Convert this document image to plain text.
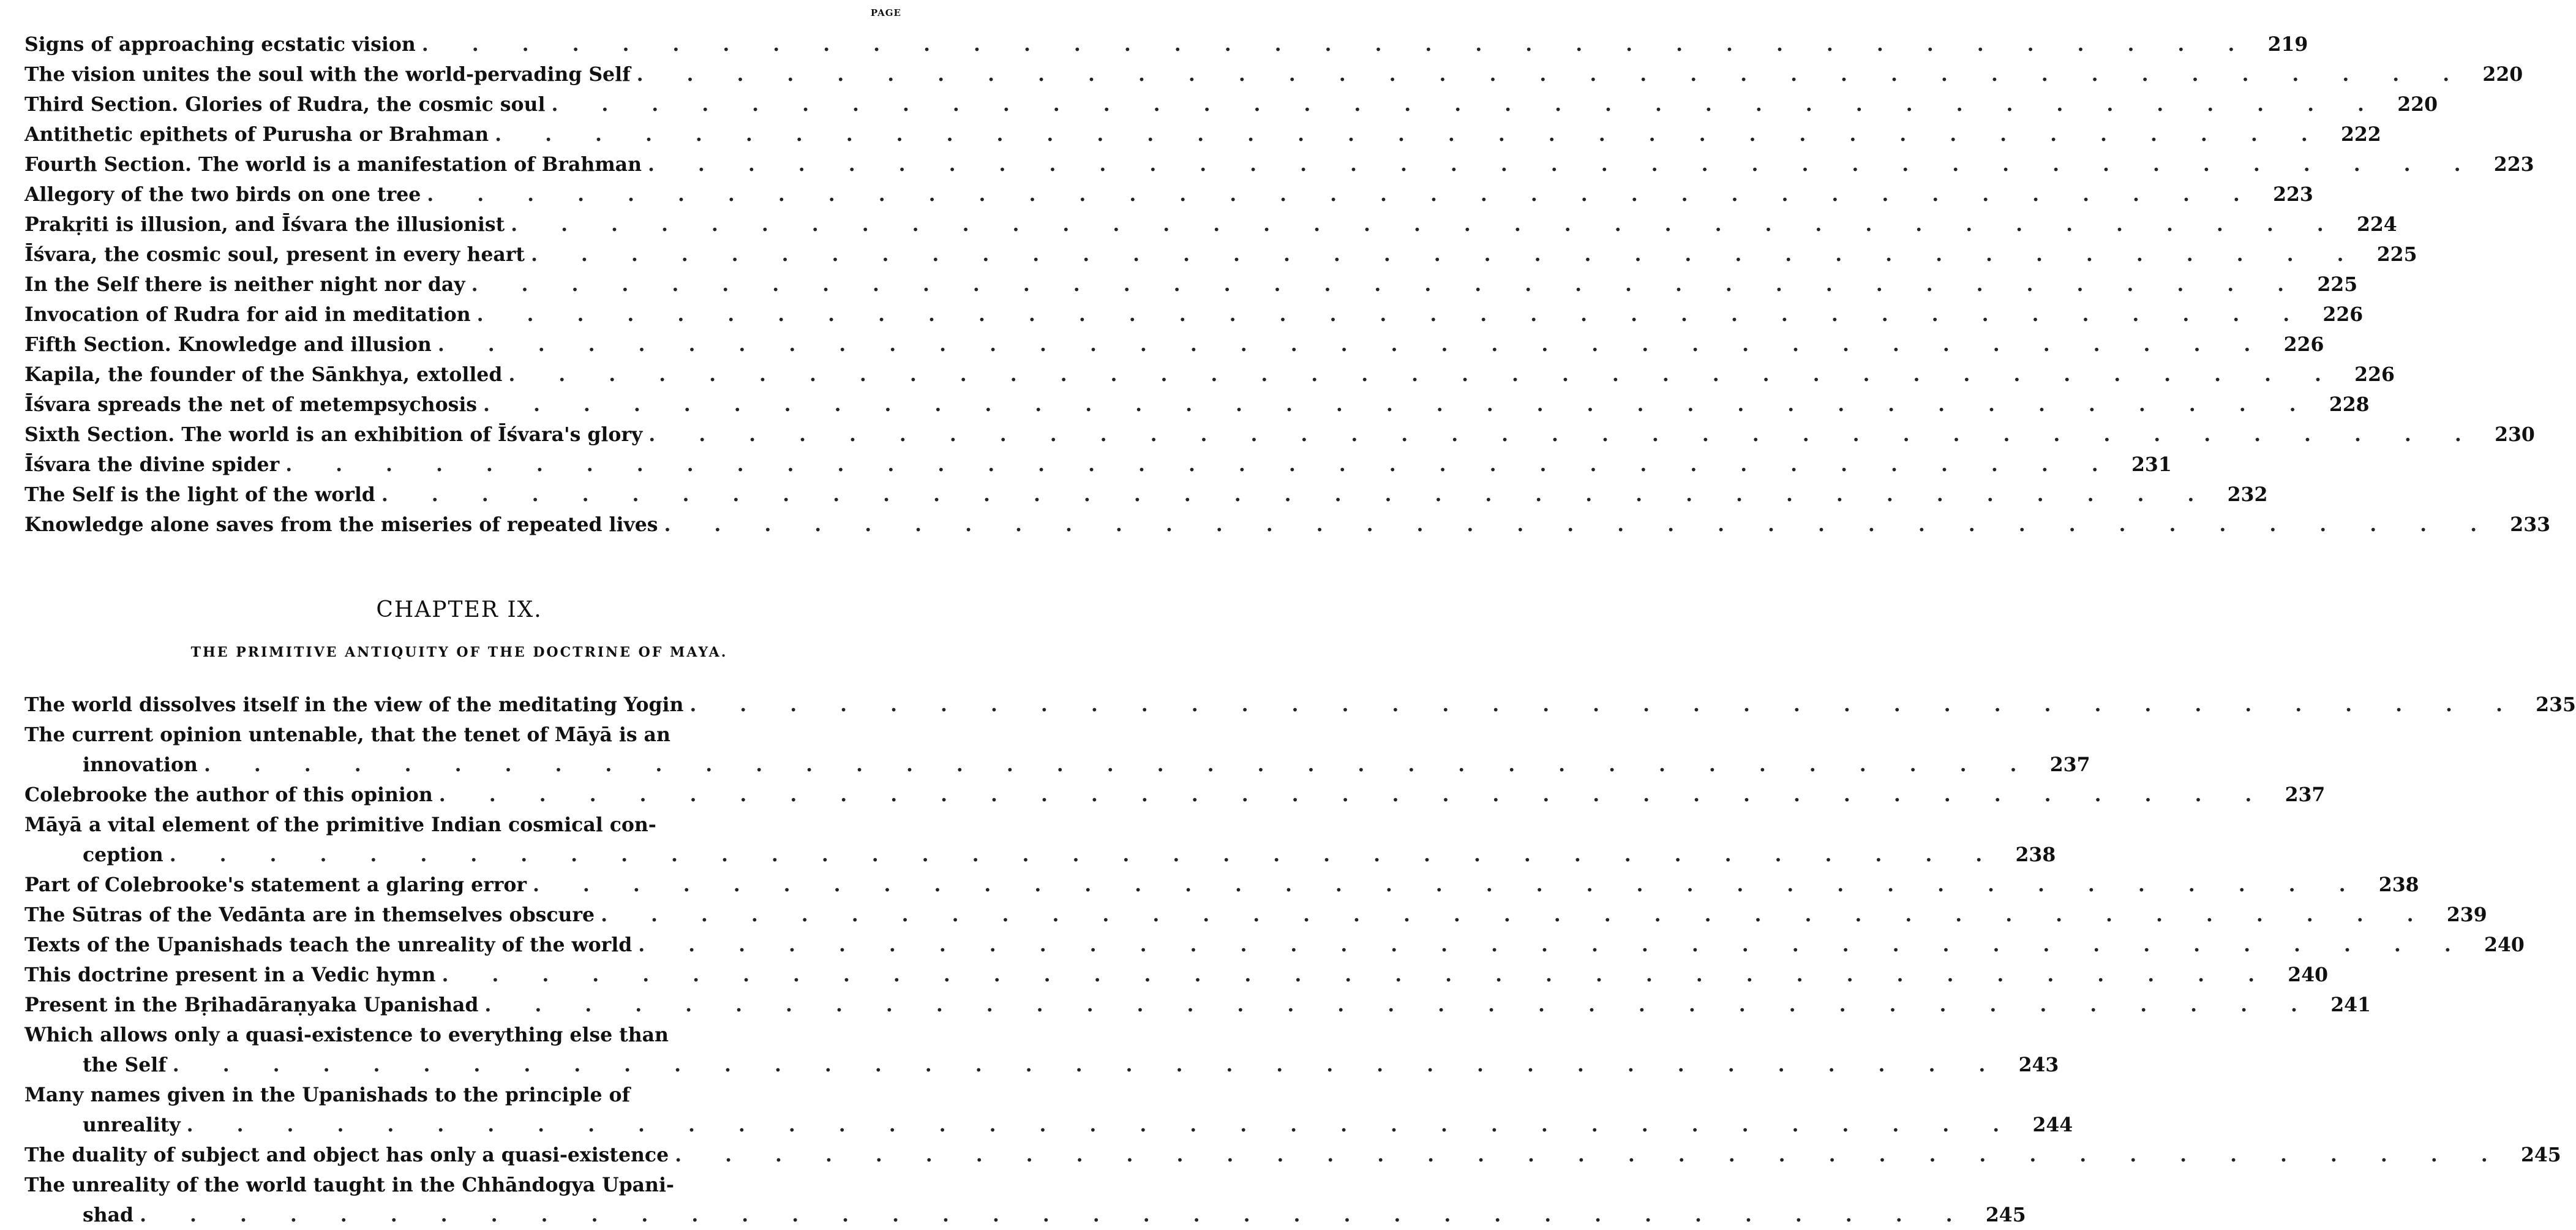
PAGE
Signs of approaching ecstatic vision . . . . . . . . . . . . . . . . . . . . . . . . . . . . . . . . . . . . . 219
The vision unites the soul with the world-pervading Self . . . . . . . . . . . . . . . . . . . . . . . . . . . . . . . . . . . . . 220
Third Section. Glories of Rudra, the cosmic soul . . . . . . . . . . . . . . . . . . . . . . . . . . . . . . . . . . . . . 220
Antithetic epithets of Purusha or Brahman . . . . . . . . . . . . . . . . . . . . . . . . . . . . . . . . . . . . . 222
Fourth Section. The world is a manifestation of Brahman . . . . . . . . . . . . . . . . . . . . . . . . . . . . . . . . . . . . . 223
Allegory of the two birds on one tree . . . . . . . . . . . . . . . . . . . . . . . . . . . . . . . . . . . . . 223
Prakṛiti is illusion, and Īśvara the illusionist . . . . . . . . . . . . . . . . . . . . . . . . . . . . . . . . . . . . . 224
Īśvara, the cosmic soul, present in every heart . . . . . . . . . . . . . . . . . . . . . . . . . . . . . . . . . . . . . 225
In the Self there is neither night nor day . . . . . . . . . . . . . . . . . . . . . . . . . . . . . . . . . . . . . 225
Invocation of Rudra for aid in meditation . . . . . . . . . . . . . . . . . . . . . . . . . . . . . . . . . . . . . 226
Fifth Section. Knowledge and illusion . . . . . . . . . . . . . . . . . . . . . . . . . . . . . . . . . . . . . 226
Kapila, the founder of the Sānkhya, extolled . . . . . . . . . . . . . . . . . . . . . . . . . . . . . . . . . . . . . 226
Īśvara spreads the net of metempsychosis . . . . . . . . . . . . . . . . . . . . . . . . . . . . . . . . . . . . . 228
Sixth Section. The world is an exhibition of Īśvara's glory . . . . . . . . . . . . . . . . . . . . . . . . . . . . . . . . . . . . . 230
Īśvara the divine spider . . . . . . . . . . . . . . . . . . . . . . . . . . . . . . . . . . . . . 231
The Self is the light of the world . . . . . . . . . . . . . . . . . . . . . . . . . . . . . . . . . . . . . 232
Knowledge alone saves from the miseries of repeated lives . . . . . . . . . . . . . . . . . . . . . . . . . . . . . . . . . . . . . 233
CHAPTER IX.
THE PRIMITIVE ANTIQUITY OF THE DOCTRINE OF MAYA.
The world dissolves itself in the view of the meditating Yogin . . . . . . . . . . . . . . . . . . . . . . . . . . . . . . . . . . . . . 235
The current opinion untenable, that the tenet of Māyā is an
innovation . . . . . . . . . . . . . . . . . . . . . . . . . . . . . . . . . . . . . 237
Colebrooke the author of this opinion . . . . . . . . . . . . . . . . . . . . . . . . . . . . . . . . . . . . . 237
Māyā a vital element of the primitive Indian cosmical con-
ception . . . . . . . . . . . . . . . . . . . . . . . . . . . . . . . . . . . . . 238
Part of Colebrooke's statement a glaring error . . . . . . . . . . . . . . . . . . . . . . . . . . . . . . . . . . . . . 238
The Sūtras of the Vedānta are in themselves obscure . . . . . . . . . . . . . . . . . . . . . . . . . . . . . . . . . . . . . 239
Texts of the Upanishads teach the unreality of the world . . . . . . . . . . . . . . . . . . . . . . . . . . . . . . . . . . . . . 240
This doctrine present in a Vedic hymn . . . . . . . . . . . . . . . . . . . . . . . . . . . . . . . . . . . . . 240
Present in the Bṛihadāraṇyaka Upanishad . . . . . . . . . . . . . . . . . . . . . . . . . . . . . . . . . . . . . 241
Which allows only a quasi-existence to everything else than
the Self . . . . . . . . . . . . . . . . . . . . . . . . . . . . . . . . . . . . . 243
Many names given in the Upanishads to the principle of
unreality . . . . . . . . . . . . . . . . . . . . . . . . . . . . . . . . . . . . . 244
The duality of subject and object has only a quasi-existence . . . . . . . . . . . . . . . . . . . . . . . . . . . . . . . . . . . . . 245
The unreality of the world taught in the Chhāndogya Upani-
shad . . . . . . . . . . . . . . . . . . . . . . . . . . . . . . . . . . . . . 245
